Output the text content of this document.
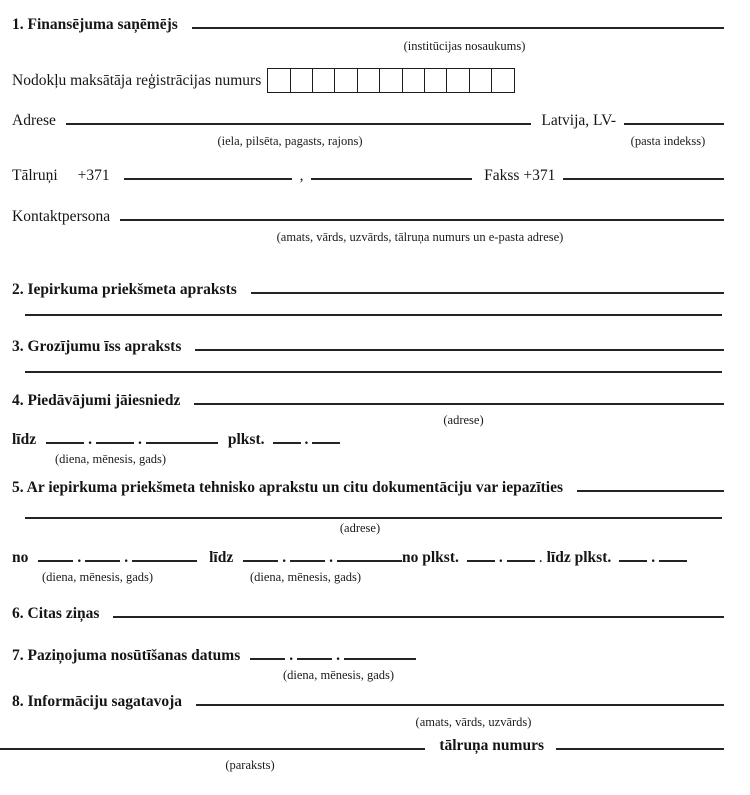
1. Finansējuma saņēmējs
(institūcijas nosaukums)
Nodokļu maksātāja reģistrācijas numurs
Adrese	Latvija, LV-
(iela, pilsēta, pagasts, rajons)	(pasta indekss)
Tālruņi +371	,	Fakss +371
Kontaktpersona
(amats, vārds, uzvārds, tālruņa numurs un e-pasta adrese)
2. Iepirkuma priekšmeta apraksts
3. Grozījumu īss apraksts
4. Piedāvājumi jāiesniedz
(adrese)
līdz	.	.	plkst.	.
(diena, mēnesis, gads)
5. Ar iepirkuma priekšmeta tehnisko aprakstu un citu dokumentāciju var iepazīties
(adrese)
no	.	.	līdz	.	.	no plkst.	. . līdz plkst.	.
(diena, mēnesis, gads)	(diena, mēnesis, gads)
6. Citas ziņas
7. Paziņojuma nosūtīšanas datums	.	.
(diena, mēnesis, gads)
8. Informāciju sagatavoja
(amats, vārds, uzvārds)
tālruņa numurs
(paraksts)
